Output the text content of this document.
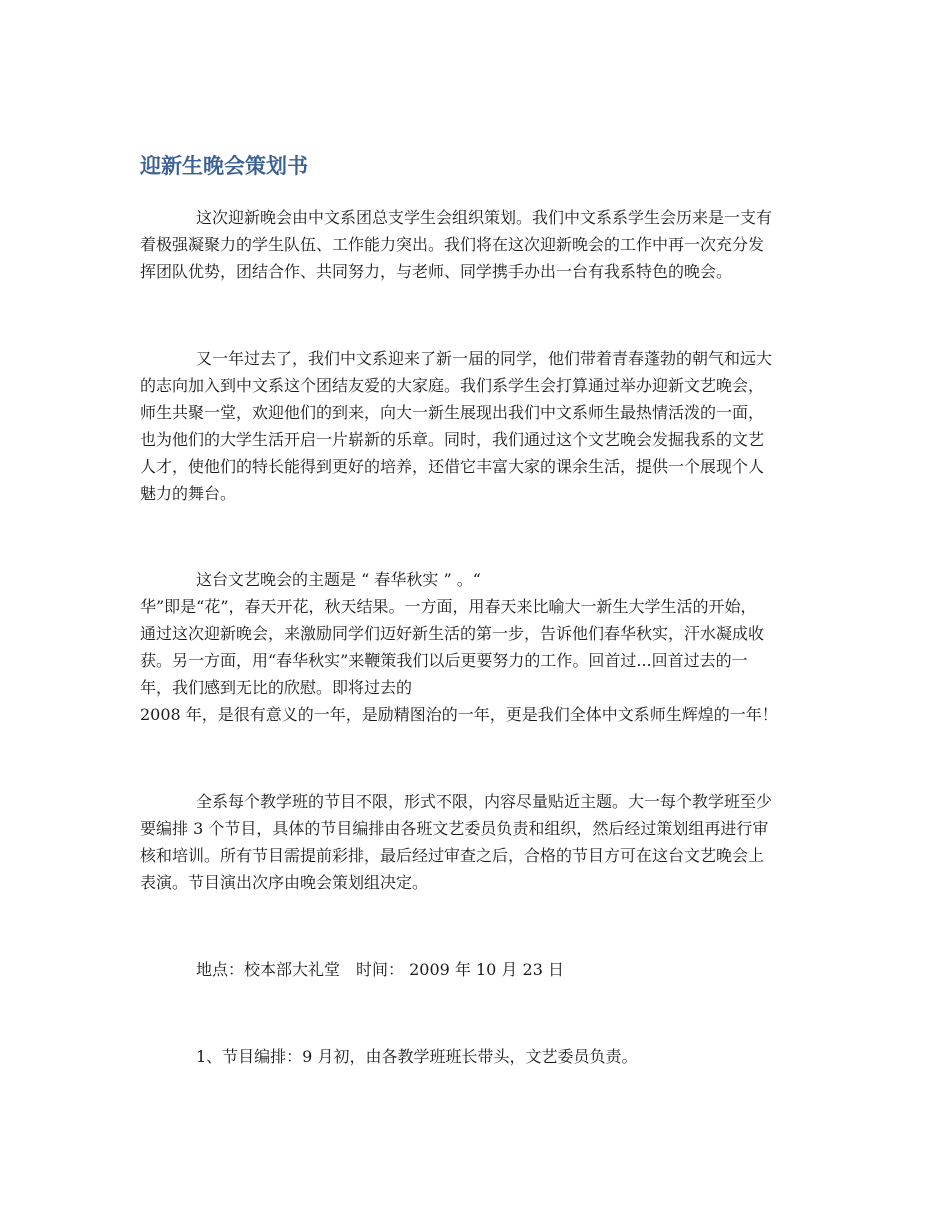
迎新生晚会策划书
这次迎新晚会由中文系团总支学生会组织策划。我们中文系系学生会历来是一支有
着极强凝聚力的学生队伍、工作能力突出。我们将在这次迎新晚会的工作中再一次充分发
挥团队优势，团结合作、共同努力，与老师、同学携手办出一台有我系特色的晚会。
又一年过去了，我们中文系迎来了新一届的同学，他们带着青春蓬勃的朝气和远大
的志向加入到中文系这个团结友爱的大家庭。我们系学生会打算通过举办迎新文艺晚会，
师生共聚一堂，欢迎他们的到来，向大一新生展现出我们中文系师生最热情活泼的一面，
也为他们的大学生活开启一片崭新的乐章。同时，我们通过这个文艺晚会发掘我系的文艺
人才，使他们的特长能得到更好的培养，还借它丰富大家的课余生活，提供一个展现个人
魅力的舞台。
这台文艺晚会的主题是 “ 春华秋实 ” 。“
华”即是“花”，春天开花，秋天结果。一方面，用春天来比喻大一新生大学生活的开始，
通过这次迎新晚会，来激励同学们迈好新生活的第一步，告诉他们春华秋实，汗水凝成收
获。另一方面，用“春华秋实”来鞭策我们以后更要努力的工作。回首过...回首过去的一
年，我们感到无比的欣慰。即将过去的
2008 年，是很有意义的一年，是励精图治的一年，更是我们全体中文系师生辉煌的一年！
全系每个教学班的节目不限，形式不限，内容尽量贴近主题。大一每个教学班至少
要编排 3 个节目，具体的节目编排由各班文艺委员负责和组织，然后经过策划组再进行审
核和培训。所有节目需提前彩排，最后经过审查之后，合格的节目方可在这台文艺晚会上
表演。节目演出次序由晚会策划组决定。
地点：校本部大礼堂　时间： 2009 年 10 月 23 日
1、节目编排：9 月初，由各教学班班长带头，文艺委员负责。
